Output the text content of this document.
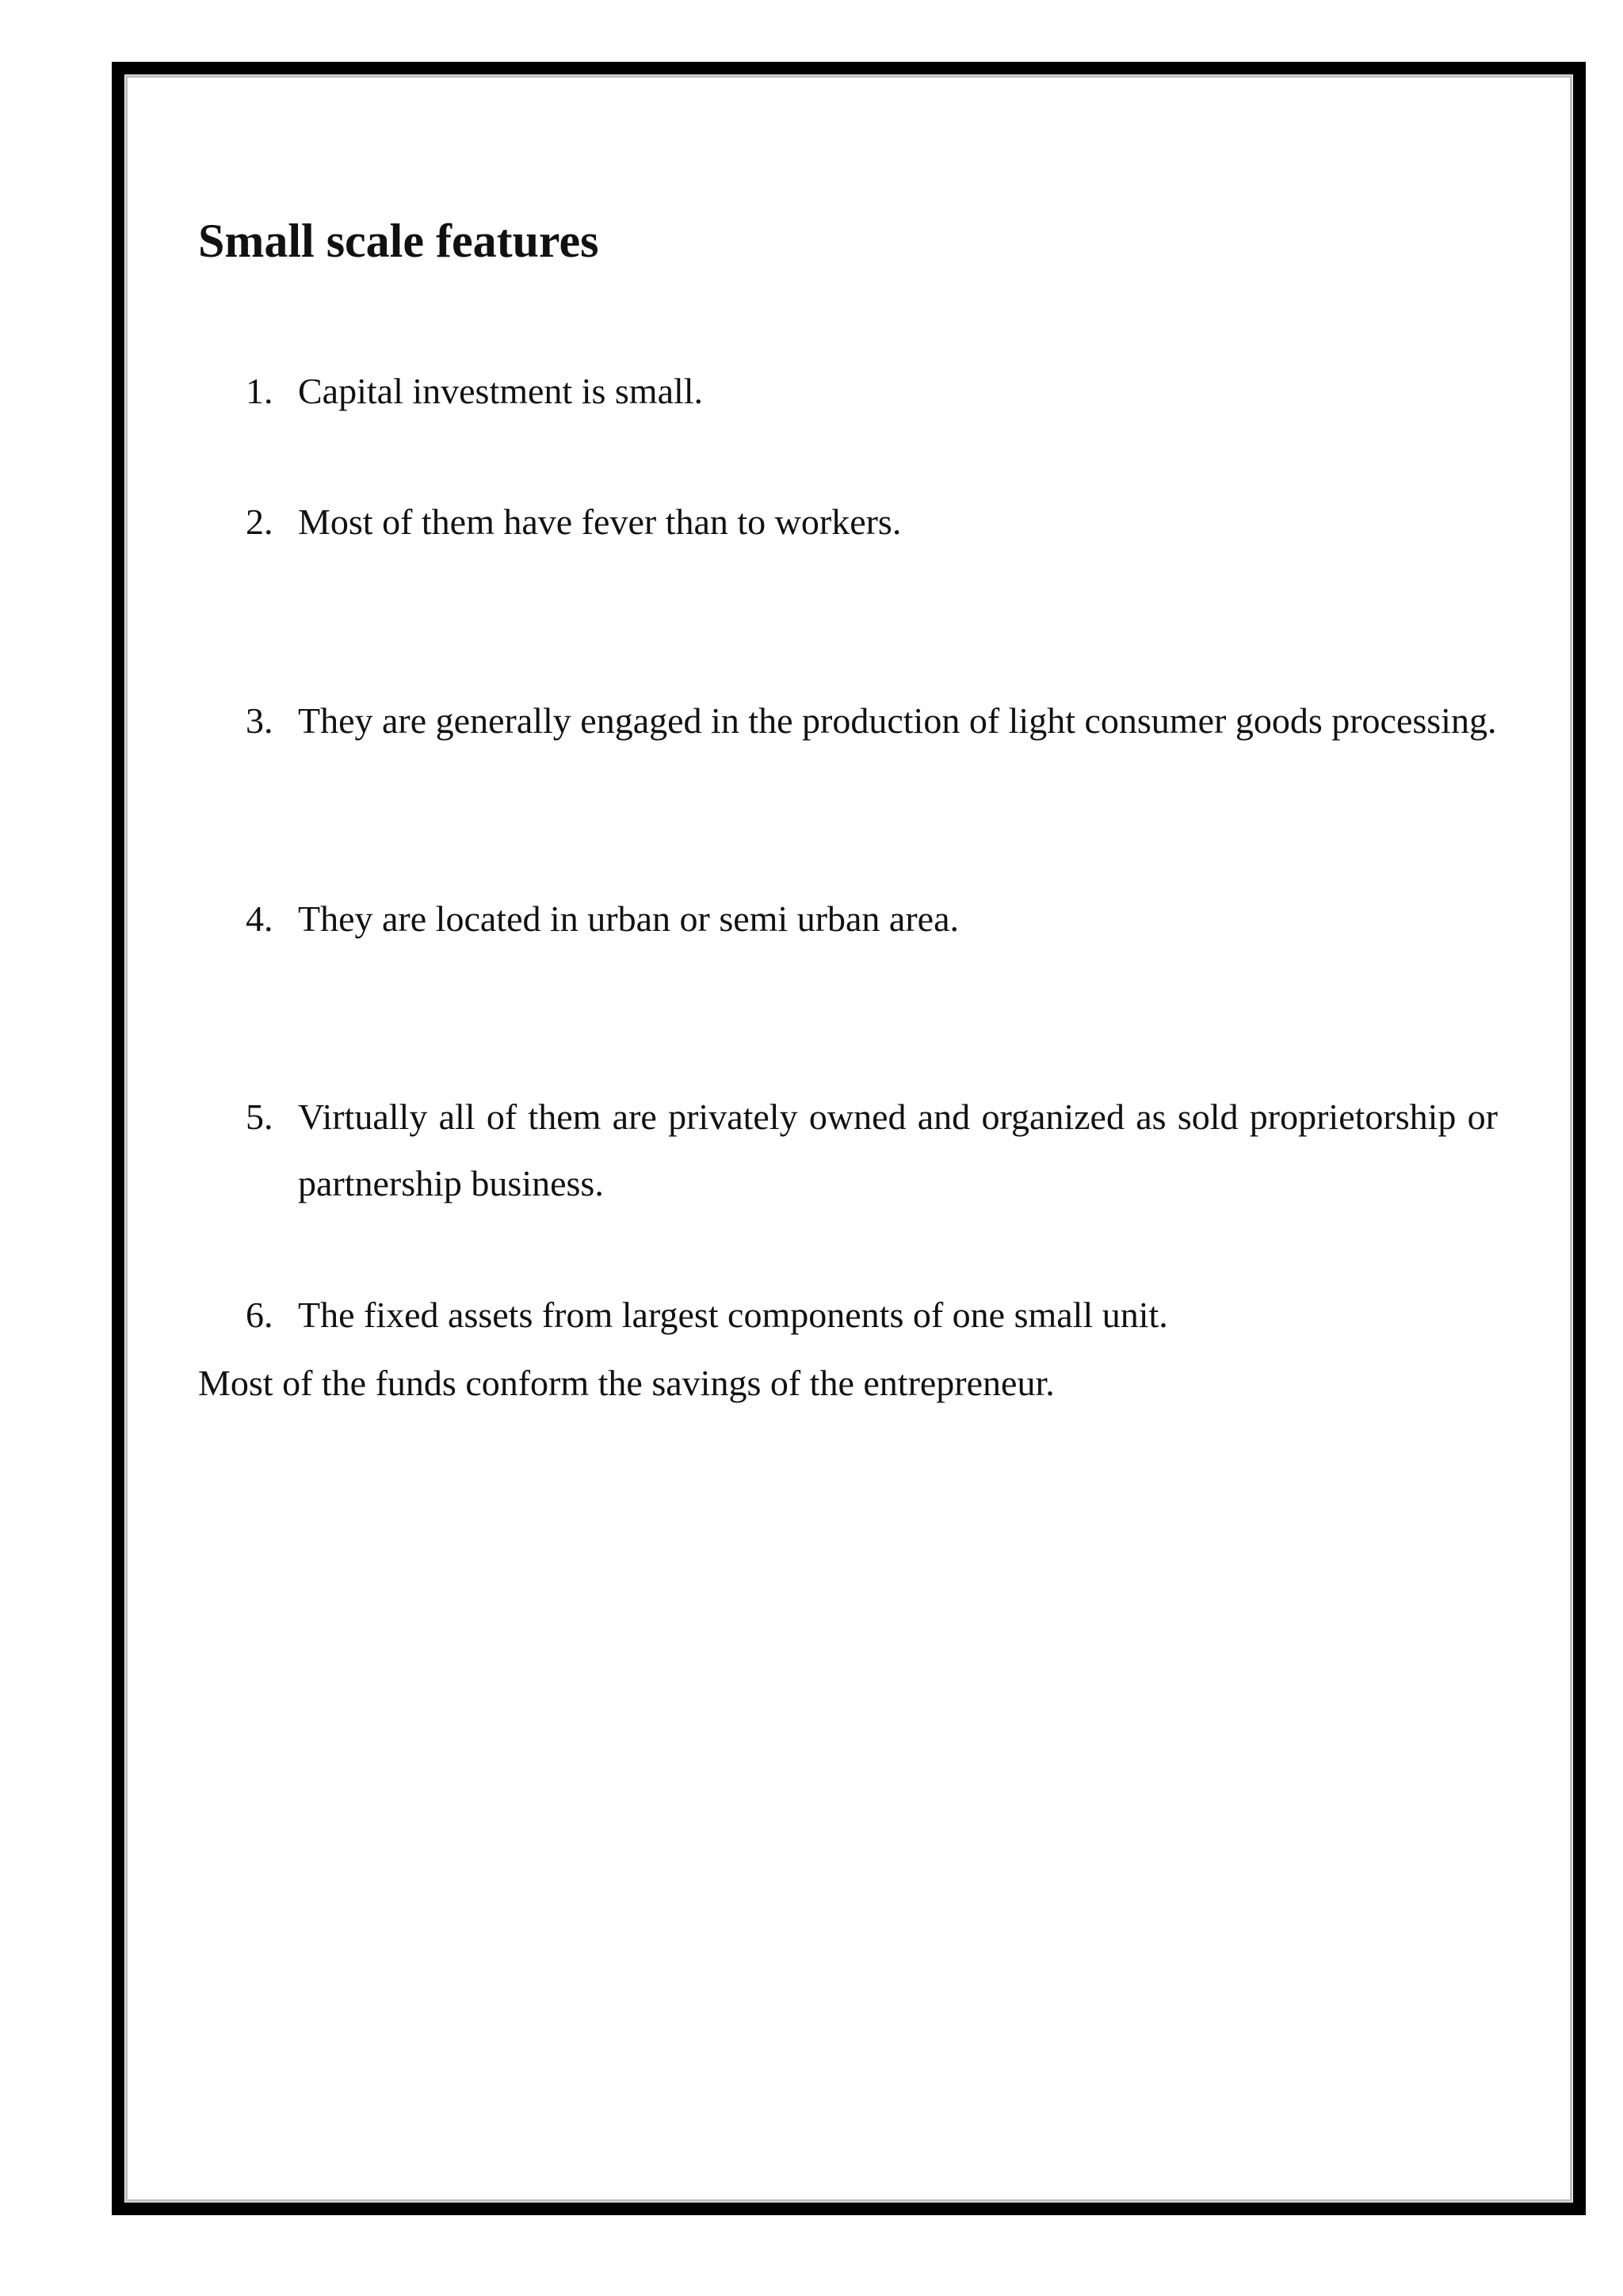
Small scale features
1. Capital investment is small.
2. Most of them have fever than to workers.
3. They are generally engaged in the production of light consumer goods processing.
4. They are located in urban or semi urban area.
5. Virtually all of them are privately owned and organized as sold proprietorship or partnership business.
6. The fixed assets from largest components of one small unit.
Most of the funds conform the savings of the entrepreneur.
